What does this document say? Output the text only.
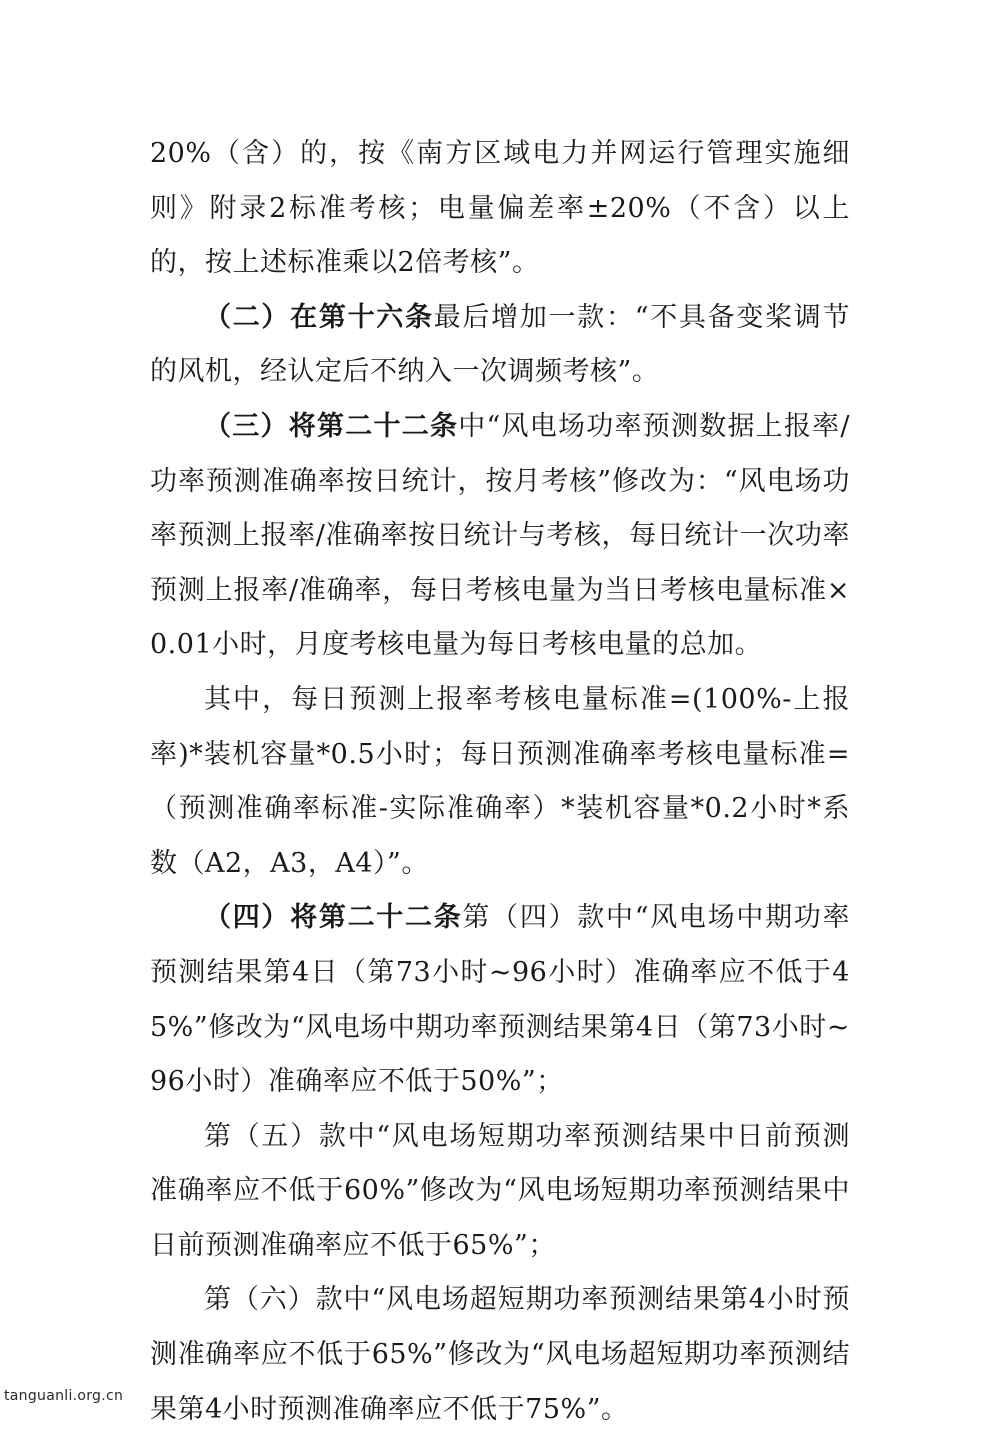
20%（含）的，按《南方区域电力并网运行管理实施细则》附录2标准考核；电量偏差率±20%（不含）以上的，按上述标准乘以2倍考核”。

（二）在第十六条最后增加一款：“不具备变桨调节的风机，经认定后不纳入一次调频考核”。

（三）将第二十二条中“风电场功率预测数据上报率/功率预测准确率按日统计，按月考核”修改为：“风电场功率预测上报率/准确率按日统计与考核，每日统计一次功率预测上报率/准确率，每日考核电量为当日考核电量标准×0.01小时，月度考核电量为每日考核电量的总加。

其中，每日预测上报率考核电量标准=(100%-上报率)*装机容量*0.5小时；每日预测准确率考核电量标准=（预测准确率标准-实际准确率）*装机容量*0.2小时*系数（A2，A3，A4）”。

（四）将第二十二条第（四）款中“风电场中期功率预测结果第4日（第73小时~96小时）准确率应不低于45%”修改为“风电场中期功率预测结果第4日（第73小时~96小时）准确率应不低于50%”；

第（五）款中“风电场短期功率预测结果中日前预测准确率应不低于60%”修改为“风电场短期功率预测结果中日前预测准确率应不低于65%”；

第（六）款中“风电场超短期功率预测结果第4小时预测准确率应不低于65%”修改为“风电场超短期功率预测结果第4小时预测准确率应不低于75%”。

tanguanli.org.cn
